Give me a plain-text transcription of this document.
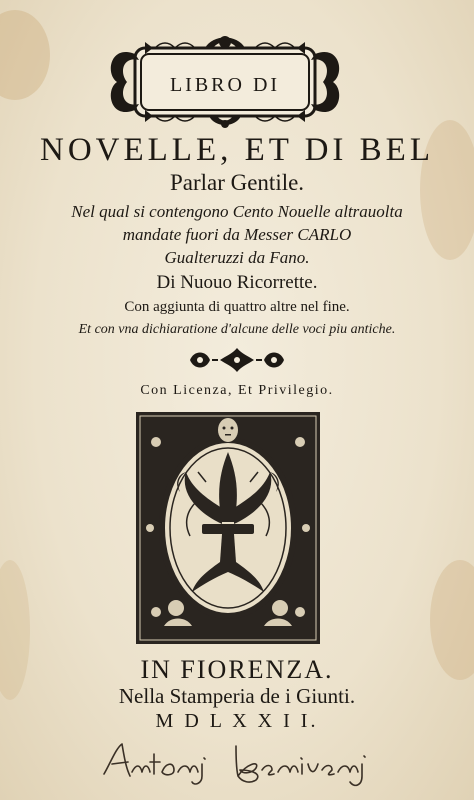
LIBRO DI
NOVELLE, ET DI BEL
Parlar Gentile.
Nel qual si contengono Cento Nouelle altrauolta
mandate fuori da Messer CARLO
Gualteruzzi da Fano.
Di Nuouo Ricorrette.
Con aggiunta di quattro altre nel fine.
Et con vna dichiaratione d'alcune delle voci piu antiche.
Con Licenza, Et Privilegio.
IN FIORENZA.
Nella Stamperia de i Giunti.
M D L X X I I.
